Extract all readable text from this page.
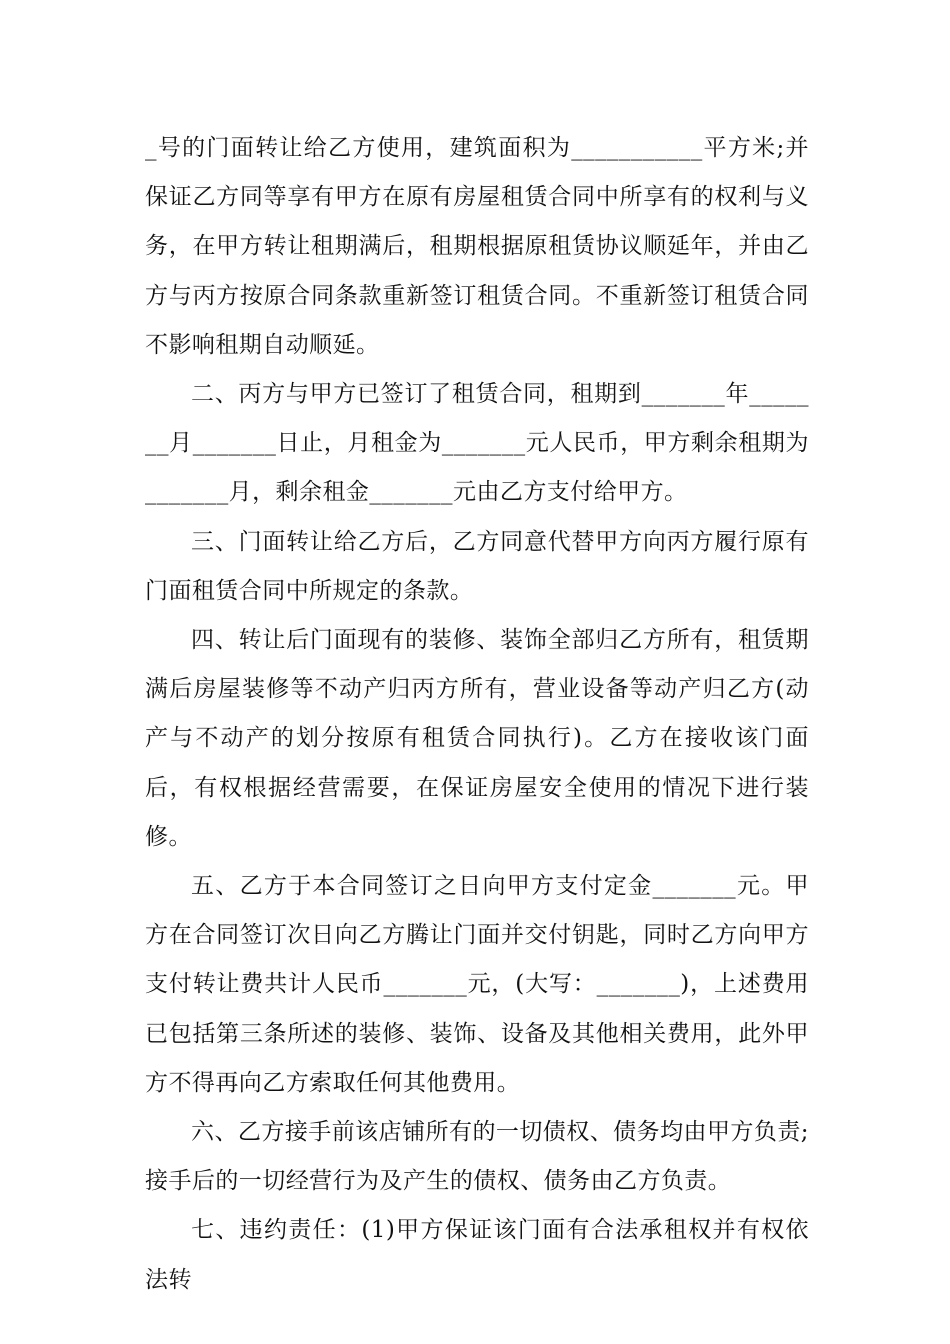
_号的门面转让给乙方使用，建筑面积为___________平方米;并保证乙方同等享有甲方在原有房屋租赁合同中所享有的权利与义务，在甲方转让租期满后，租期根据原租赁协议顺延年，并由乙方与丙方按原合同条款重新签订租赁合同。不重新签订租赁合同不影响租期自动顺延。

二、丙方与甲方已签订了租赁合同，租期到_______年_______月_______日止，月租金为_______元人民币，甲方剩余租期为_______月，剩余租金_______元由乙方支付给甲方。

三、门面转让给乙方后，乙方同意代替甲方向丙方履行原有门面租赁合同中所规定的条款。

四、转让后门面现有的装修、装饰全部归乙方所有，租赁期满后房屋装修等不动产归丙方所有，营业设备等动产归乙方(动产与不动产的划分按原有租赁合同执行)。乙方在接收该门面后，有权根据经营需要，在保证房屋安全使用的情况下进行装修。

五、乙方于本合同签订之日向甲方支付定金_______元。甲方在合同签订次日向乙方腾让门面并交付钥匙，同时乙方向甲方支付转让费共计人民币_______元，(大写：_______)，上述费用已包括第三条所述的装修、装饰、设备及其他相关费用，此外甲方不得再向乙方索取任何其他费用。

六、乙方接手前该店铺所有的一切债权、债务均由甲方负责;接手后的一切经营行为及产生的债权、债务由乙方负责。

七、违约责任：(1)甲方保证该门面有合法承租权并有权依法转
